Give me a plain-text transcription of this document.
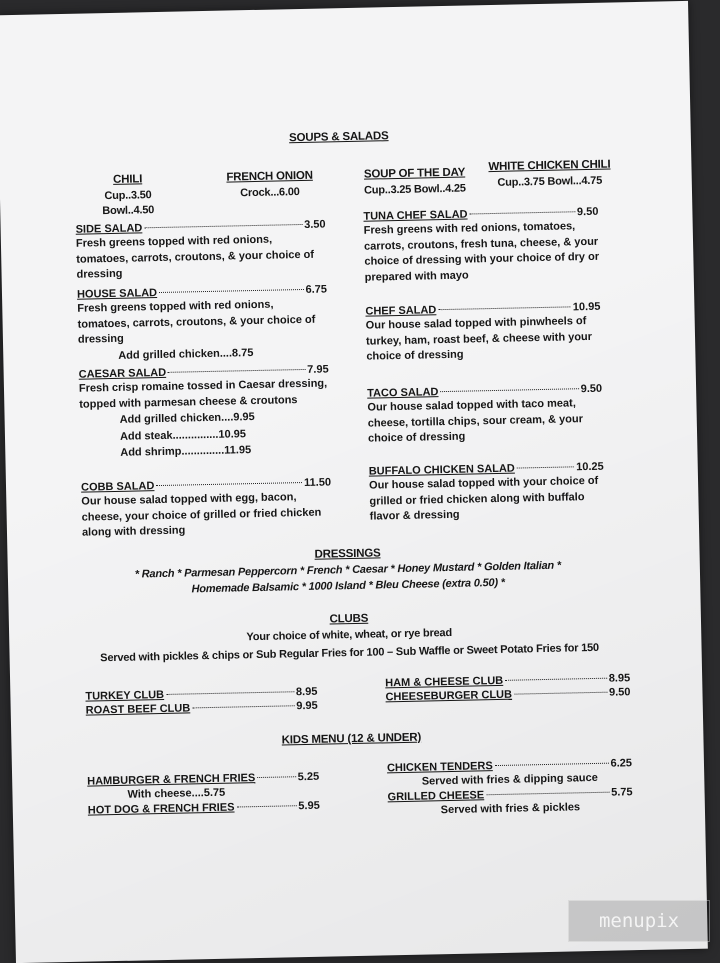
SOUPS & SALADS
CHILI
Cup..3.50 Bowl..4.50
FRENCH ONION
Crock...6.00
SOUP OF THE DAY
Cup..3.25 Bowl..4.25
WHITE CHICKEN CHILI
Cup..3.75 Bowl...4.75
SIDE SALAD	3.50
Fresh greens topped with red onions, tomatoes, carrots, croutons, & your choice of dressing
HOUSE SALAD	6.75
Fresh greens topped with red onions, tomatoes, carrots, croutons, & your choice of dressing
Add grilled chicken....8.75
CAESAR SALAD	7.95
Fresh crisp romaine tossed in Caesar dressing, topped with parmesan cheese & croutons
Add grilled chicken....9.95
Add steak...............10.95
Add shrimp..............11.95
COBB SALAD	11.50
Our house salad topped with egg, bacon, cheese, your choice of grilled or fried chicken along with dressing
TUNA CHEF SALAD	9.50
Fresh greens with red onions, tomatoes, carrots, croutons, fresh tuna, cheese, & your choice of dressing with your choice of dry or prepared with mayo
CHEF SALAD	10.95
Our house salad topped with pinwheels of turkey, ham, roast beef, & cheese with your choice of dressing
TACO SALAD	9.50
Our house salad topped with taco meat, cheese, tortilla chips, sour cream, & your choice of dressing
BUFFALO CHICKEN SALAD	10.25
Our house salad topped with your choice of grilled or fried chicken along with buffalo flavor & dressing
DRESSINGS
* Ranch * Parmesan Peppercorn * French * Caesar * Honey Mustard * Golden Italian *
Homemade Balsamic * 1000 Island * Bleu Cheese (extra 0.50) *
CLUBS
Your choice of white, wheat, or rye bread
Served with pickles & chips or Sub Regular Fries for 100 – Sub Waffle or Sweet Potato Fries for 150
TURKEY CLUB	8.95
ROAST BEEF CLUB	9.95
HAM & CHEESE CLUB	8.95
CHEESEBURGER CLUB	9.50
KIDS MENU (12 & UNDER)
HAMBURGER & FRENCH FRIES	5.25
With cheese....5.75
HOT DOG & FRENCH FRIES	5.95
CHICKEN TENDERS	6.25
Served with fries & dipping sauce
GRILLED CHEESE	5.75
Served with fries & pickles
menupix
